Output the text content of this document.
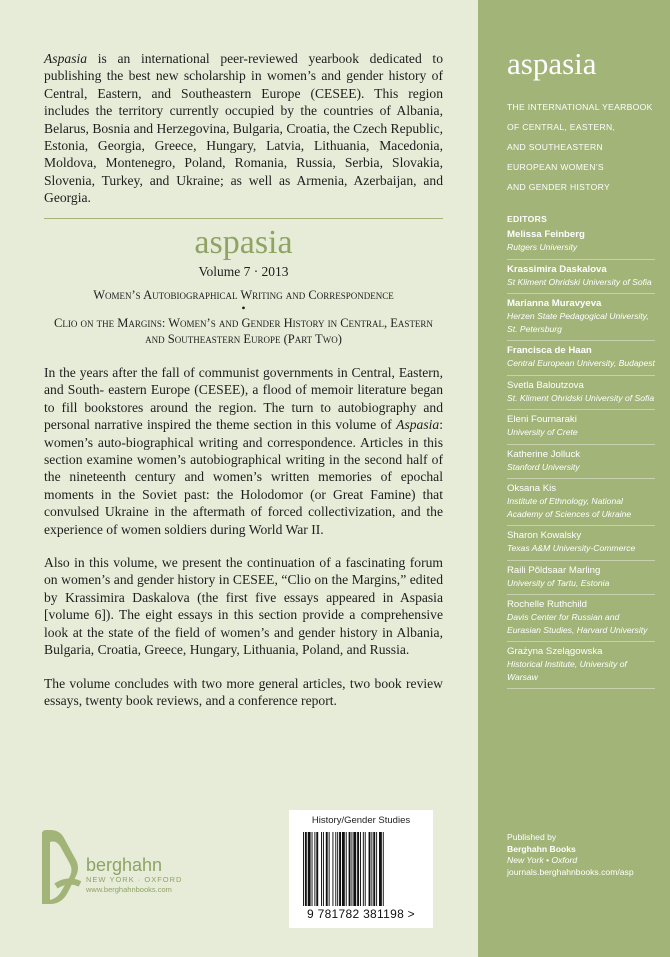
Aspasia is an international peer-reviewed yearbook dedicated to publishing the best new scholarship in women’s and gender history of Central, Eastern, and Southeastern Europe (CESEE). This region includes the territory currently occupied by the countries of Albania, Belarus, Bosnia and Herzegovina, Bulgaria, Croatia, the Czech Republic, Estonia, Georgia, Greece, Hungary, Latvia, Lithuania, Macedonia, Moldova, Montenegro, Poland, Romania, Russia, Serbia, Slovakia, Slovenia, Turkey, and Ukraine; as well as Armenia, Azerbaijan, and Georgia.
aspasia
Volume 7 · 2013
Women’s Autobiographical Writing and Correspondence
•
Clio on the Margins: Women’s and Gender History in Central, Eastern and Southeastern Europe (Part Two)

In the years after the fall of communist governments in Central, Eastern, and South- eastern Europe (CESEE), a flood of memoir literature began to fill bookstores around the region. The turn to autobiography and personal narrative inspired the theme section in this volume of Aspasia: women’s auto-biographical writing and correspondence. Articles in this section examine women’s autobiographical writing in the second half of the nineteenth century and women’s written memories of epochal moments in the Soviet past: the Holodomor (or Great Famine) that convulsed Ukraine in the aftermath of forced collectivization, and the experience of women soldiers during World War II.

Also in this volume, we present the continuation of a fascinating forum on women’s and gender history in CESEE, “Clio on the Margins,” edited by Krassimira Daskalova (the first five essays appeared in Aspasia [volume 6]). The eight essays in this section provide a comprehensive look at the state of the field of women’s and gender history in Albania, Bulgaria, Croatia, Greece, Hungary, Lithuania, Poland, and Russia.

The volume concludes with two more general articles, two book review essays, twenty book reviews, and a conference report.

berghahn
NEW YORK · OXFORD
www.berghahnbooks.com
History/Gender Studies
9 781782 381198 >
aspasia
THE INTERNATIONAL YEARBOOK
OF CENTRAL, EASTERN,
AND SOUTHEASTERN
EUROPEAN WOMEN’S
AND GENDER HISTORY
EDITORS
Melissa Feinberg
Rutgers University
Krassimira Daskalova
St Kliment Ohridski University of Sofia
Marianna Muravyeva
Herzen State Pedagogical University, St. Petersburg
Francisca de Haan
Central European University, Budapest
Svetla Baloutzova
St. Kliment Ohridski University of Sofia
Eleni Fournaraki
University of Crete
Katherine Jolluck
Stanford University
Oksana Kis
Institute of Ethnology, National Academy of Sciences of Ukraine
Sharon Kowalsky
Texas A&M University-Commerce
Raili Põldsaar Marling
University of Tartu, Estonia
Rochelle Ruthchild
Davis Center for Russian and Eurasian Studies, Harvard University
Grażyna Szelągowska
Historical Institute, University of Warsaw
Published by
Berghahn Books
New York • Oxford
journals.berghahnbooks.com/asp
